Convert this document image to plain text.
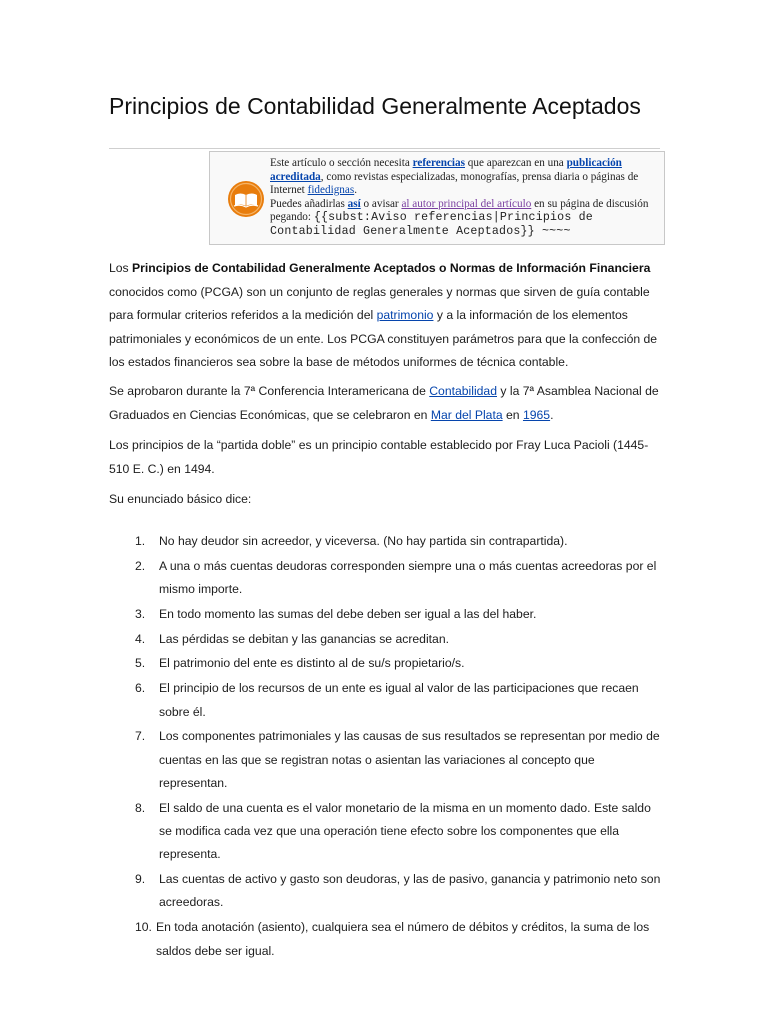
Principios de Contabilidad Generalmente Aceptados
Este artículo o sección necesita referencias que aparezcan en una publicación acreditada, como revistas especializadas, monografías, prensa diaria o páginas de Internet fidedignas.
Puedes añadirlas así o avisar al autor principal del artículo en su página de discusión pegando: {{subst:Aviso referencias|Principios de Contabilidad Generalmente Aceptados}} ~~~~

Los Principios de Contabilidad Generalmente Aceptados o Normas de Información Financiera conocidos como (PCGA) son un conjunto de reglas generales y normas que sirven de guía contable para formular criterios referidos a la medición del patrimonio y a la información de los elementos patrimoniales y económicos de un ente. Los PCGA constituyen parámetros para que la confección de los estados financieros sea sobre la base de métodos uniformes de técnica contable.

Se aprobaron durante la 7ª Conferencia Interamericana de Contabilidad y la 7ª Asamblea Nacional de Graduados en Ciencias Económicas, que se celebraron en Mar del Plata en 1965.

Los principios de la “partida doble” es un principio contable establecido por Fray Luca Pacioli (1445-510 E. C.) en 1494.

Su enunciado básico dice:

1. No hay deudor sin acreedor, y viceversa. (No hay partida sin contrapartida).
2. A una o más cuentas deudoras corresponden siempre una o más cuentas acreedoras por el mismo importe.
3. En todo momento las sumas del debe deben ser igual a las del haber.
4. Las pérdidas se debitan y las ganancias se acreditan.
5. El patrimonio del ente es distinto al de su/s propietario/s.
6. El principio de los recursos de un ente es igual al valor de las participaciones que recaen sobre él.
7. Los componentes patrimoniales y las causas de sus resultados se representan por medio de cuentas en las que se registran notas o asientan las variaciones al concepto que representan.
8. El saldo de una cuenta es el valor monetario de la misma en un momento dado. Este saldo se modifica cada vez que una operación tiene efecto sobre los componentes que ella representa.
9. Las cuentas de activo y gasto son deudoras, y las de pasivo, ganancia y patrimonio neto son acreedoras.
10. En toda anotación (asiento), cualquiera sea el número de débitos y créditos, la suma de los saldos debe ser igual.
